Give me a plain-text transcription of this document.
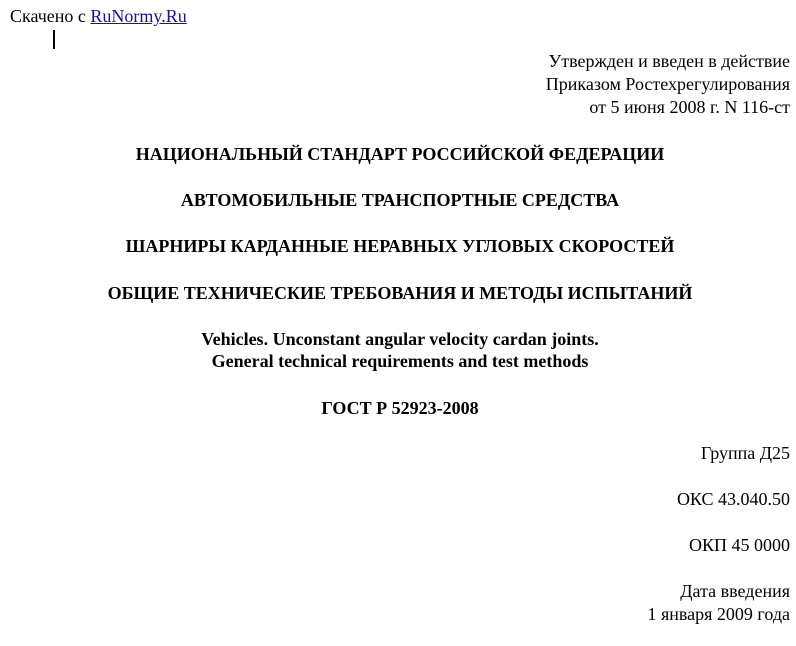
Скачено с RuNormy.Ru
Утвержден и введен в действие
Приказом Ростехрегулирования
от 5 июня 2008 г. N 116-ст
НАЦИОНАЛЬНЫЙ СТАНДАРТ РОССИЙСКОЙ ФЕДЕРАЦИИ
АВТОМОБИЛЬНЫЕ ТРАНСПОРТНЫЕ СРЕДСТВА
ШАРНИРЫ КАРДАННЫЕ НЕРАВНЫХ УГЛОВЫХ СКОРОСТЕЙ
ОБЩИЕ ТЕХНИЧЕСКИЕ ТРЕБОВАНИЯ И МЕТОДЫ ИСПЫТАНИЙ
Vehicles. Unconstant angular velocity cardan joints.
General technical requirements and test methods
ГОСТ Р 52923-2008
Группа Д25
ОКС 43.040.50
ОКП 45 0000
Дата введения
1 января 2009 года
